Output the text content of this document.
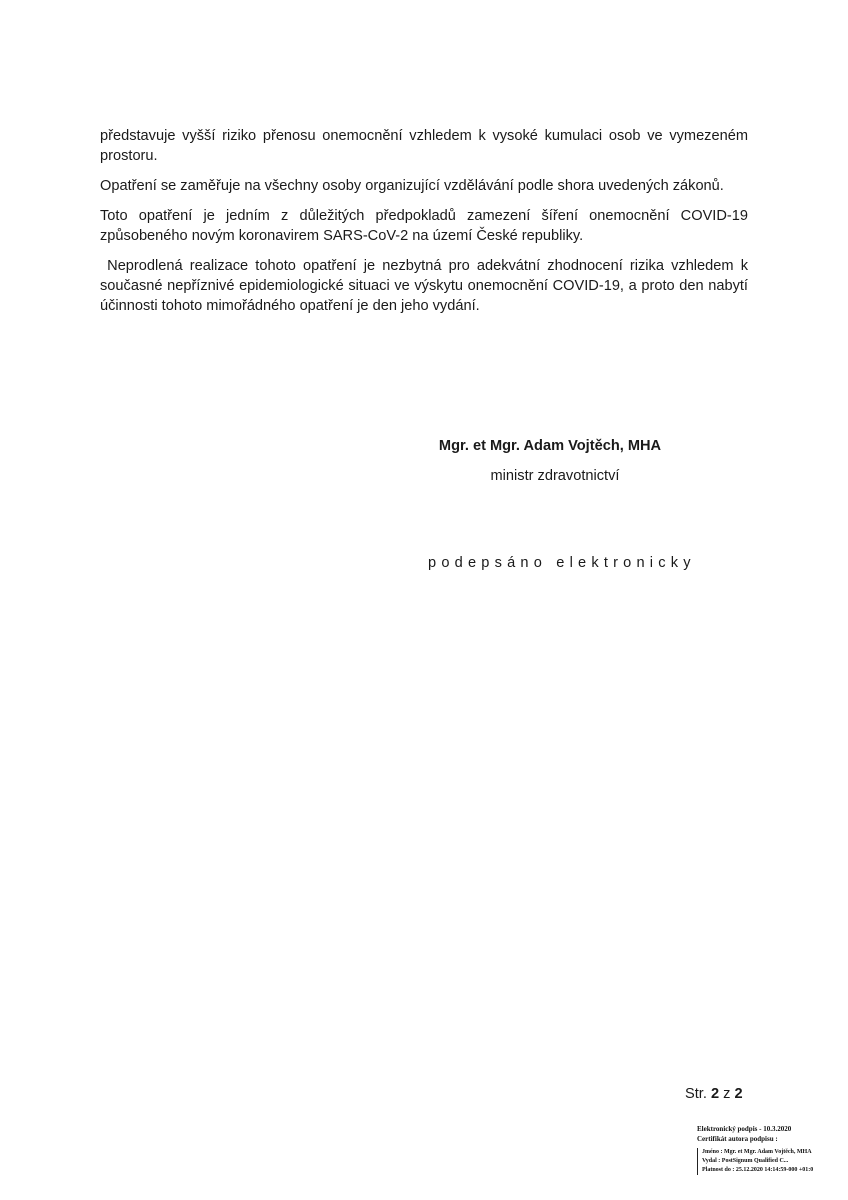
představuje vyšší riziko přenosu onemocnění vzhledem k vysoké kumulaci osob ve vymezeném prostoru.

Opatření se zaměřuje na všechny osoby organizující vzdělávání podle shora uvedených zákonů.

Toto opatření je jedním z důležitých předpokladů zamezení šíření onemocnění COVID-19 způsobeného novým koronavirem SARS-CoV-2 na území České republiky.

Neprodlená realizace tohoto opatření je nezbytná pro adekvátní zhodnocení rizika vzhledem k současné nepříznivé epidemiologické situaci ve výskytu onemocnění COVID-19, a proto den nabytí účinnosti tohoto mimořádného opatření je den jeho vydání.

Mgr. et Mgr. Adam Vojtěch, MHA
ministr zdravotnictví
podepsáno elektronicky
Str. 2 z 2
Elektronický podpis - 10.3.2020
Certifikát autora podpisu :
Jméno : Mgr. et Mgr. Adam Vojtěch, MHA
Vydal : PostSignum Qualified C...
Platnost do : 25.12.2020 14:14:59-000 +01:0
